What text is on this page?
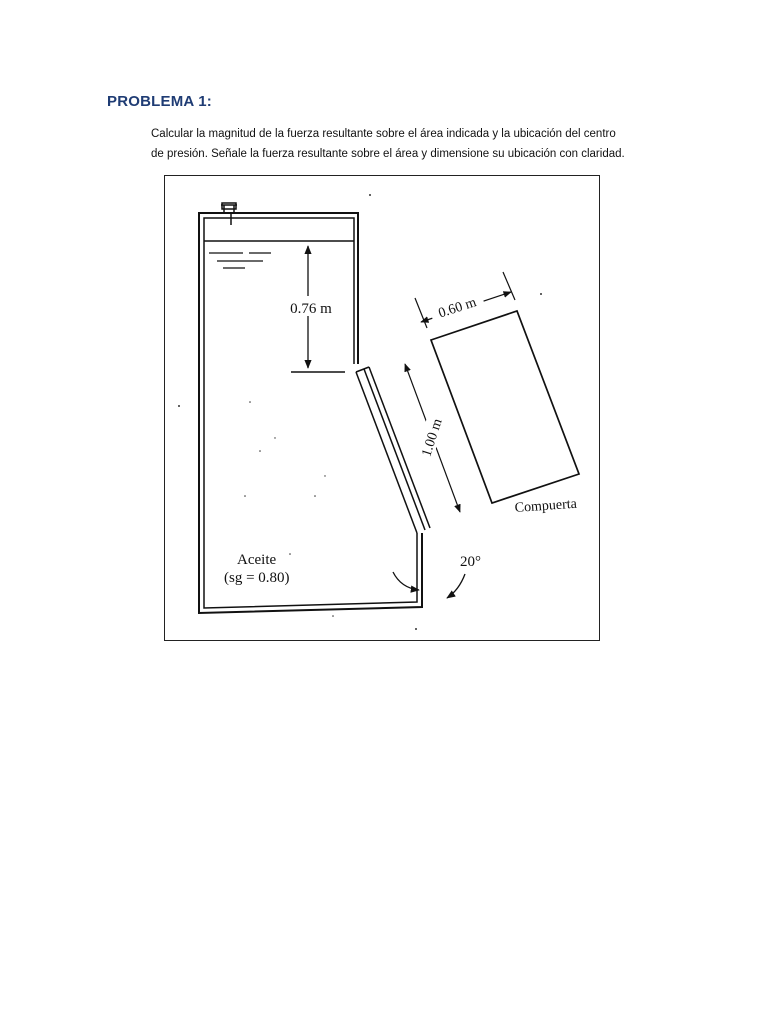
PROBLEMA 1:

Calcular la magnitud de la fuerza resultante sobre el área indicada y la ubicación del centro
de presión. Señale la fuerza resultante sobre el área y dimensione su ubicación con claridad.

0.76 m	0.60 m
1.00 m
Compuerta
20°
Aceite
(sg = 0.80)
